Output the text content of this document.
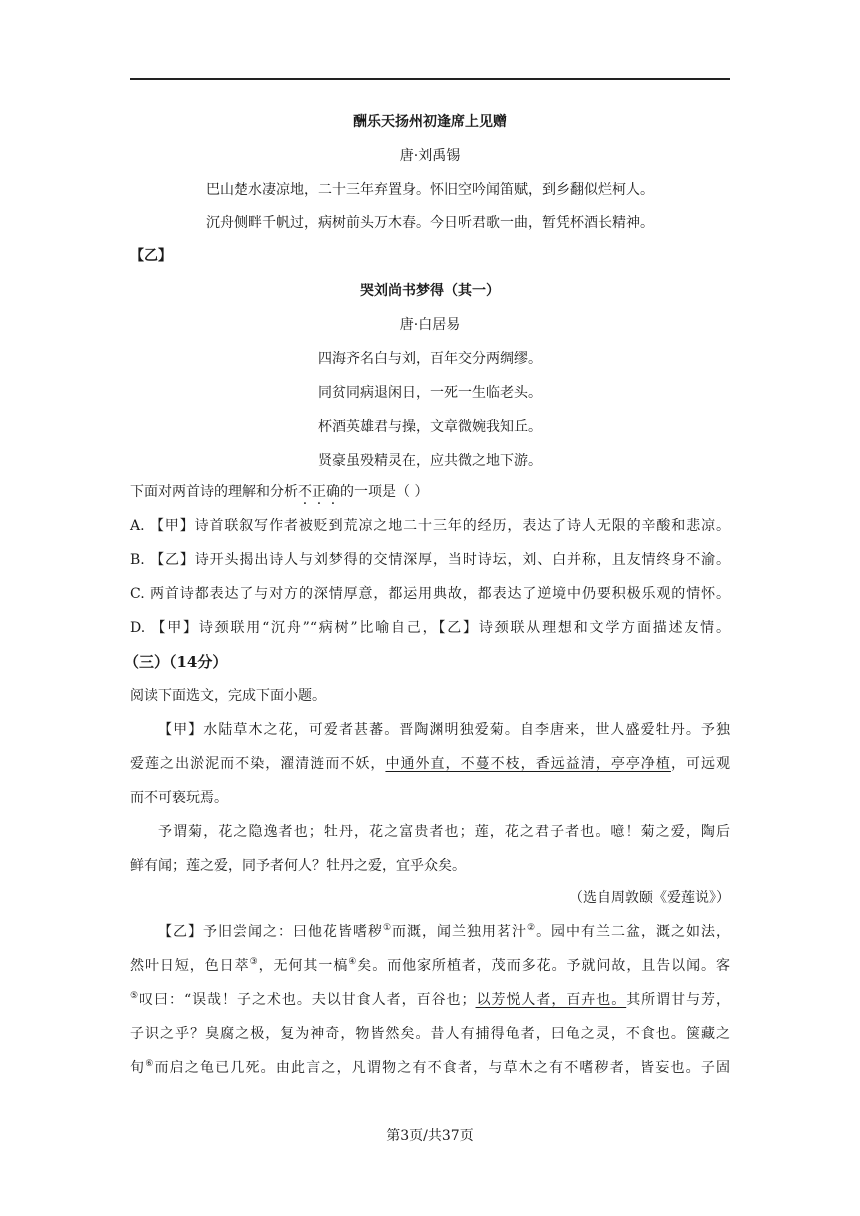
酬乐天扬州初逢席上见赠
唐·刘禹锡
巴山楚水凄凉地，二十三年弃置身。怀旧空吟闻笛赋，到乡翻似烂柯人。
沉舟侧畔千帆过，病树前头万木春。今日听君歌一曲，暂凭杯酒长精神。
【乙】
哭刘尚书梦得（其一）
唐·白居易
四海齐名白与刘，百年交分两绸缪。
同贫同病退闲日，一死一生临老头。
杯酒英雄君与操，文章微婉我知丘。
贤豪虽殁精灵在，应共微之地下游。
下面对两首诗的理解和分析不正确的一项是（ ）
A. 【甲】诗首联叙写作者被贬到荒凉之地二十三年的经历，表达了诗人无限的辛酸和悲凉。
B. 【乙】诗开头揭出诗人与刘梦得的交情深厚，当时诗坛，刘、白并称，且友情终身不渝。
C. 两首诗都表达了与对方的深情厚意，都运用典故，都表达了逆境中仍要积极乐观的情怀。
D. 【甲】诗颈联用“沉舟”“病树”比喻自己，【乙】诗颈联从理想和文学方面描述友情。
（三）（14分）
阅读下面选文，完成下面小题。
【甲】水陆草木之花，可爱者甚蕃。晋陶渊明独爱菊。自李唐来，世人盛爱牡丹。予独
爱莲之出淤泥而不染，濯清涟而不妖，中通外直，不蔓不枝，香远益清，亭亭净植，可远观
而不可亵玩焉。
予谓菊，花之隐逸者也；牡丹，花之富贵者也；莲，花之君子者也。噫！菊之爱，陶后
鲜有闻；莲之爱，同予者何人？牡丹之爱，宜乎众矣。
（选自周敦颐《爱莲说》）
【乙】予旧尝闻之：曰他花皆嗜秽①而溉，闻兰独用茗汁②。园中有兰二盆，溉之如法，
然叶日短，色日萃③，无何其一槁④矣。而他家所植者，茂而多花。予就问故，且告以闻。客
⑤叹曰：“误哉！子之术也。夫以甘食人者，百谷也；以芳悦人者，百卉也。其所谓甘与芳，
子识之乎？臭腐之极，复为神奇，物皆然矣。昔人有捕得龟者，曰龟之灵，不食也。箧藏之
旬⑥而启之龟已几死。由此言之，凡谓物之有不食者，与草木之有不嗜秽者，皆妄也。子固
第3页/共37页
